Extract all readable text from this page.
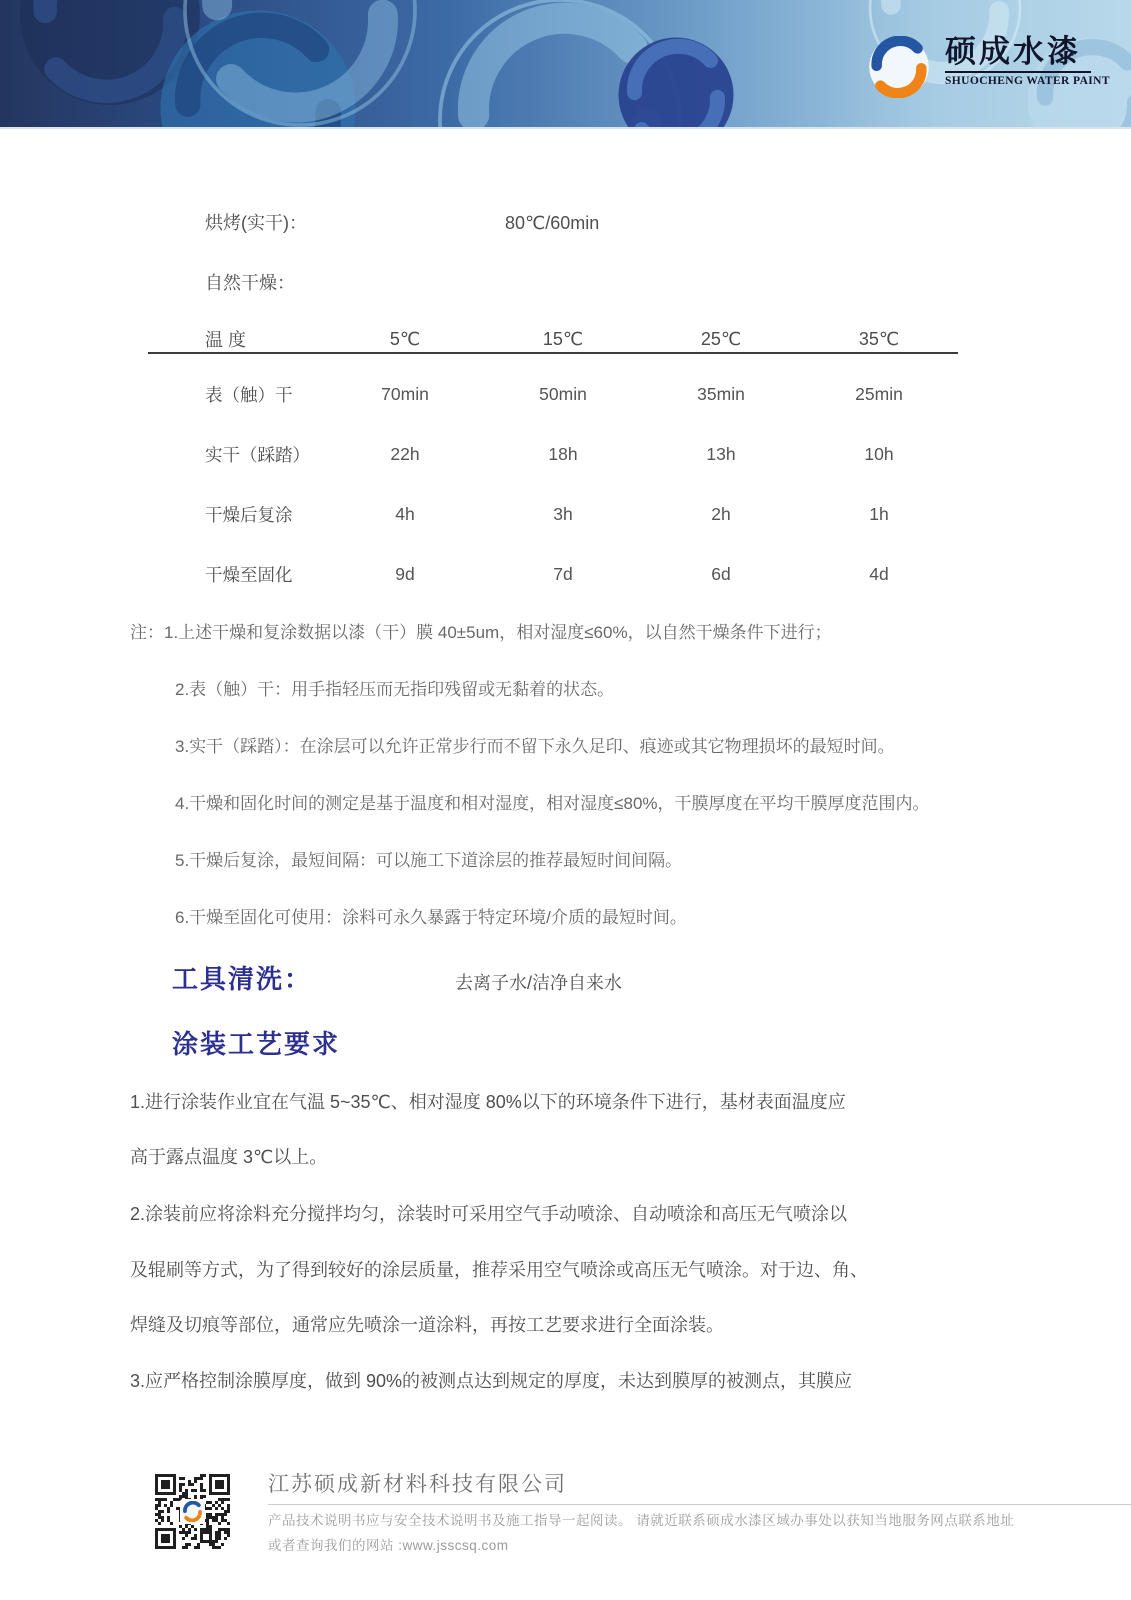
硕成水漆
SHUOCHENG WATER PAINT
烘烤(实干)：	80℃/60min
自然干燥：
温 度	5℃	15℃	25℃	35℃
表（触）干	70min	50min	35min	25min
实干（踩踏）	22h	18h	13h	10h
干燥后复涂	4h	3h	2h	1h
干燥至固化	9d	7d	6d	4d
注：1.上述干燥和复涂数据以漆（干）膜 40±5um，相对湿度≤60%，以自然干燥条件下进行；
2.表（触）干：用手指轻压而无指印残留或无黏着的状态。
3.实干（踩踏）：在涂层可以允许正常步行而不留下永久足印、痕迹或其它物理损坏的最短时间。
4.干燥和固化时间的测定是基于温度和相对湿度，相对湿度≤80%，干膜厚度在平均干膜厚度范围内。
5.干燥后复涂，最短间隔：可以施工下道涂层的推荐最短时间间隔。
6.干燥至固化可使用：涂料可永久暴露于特定环境/介质的最短时间。
工具清洗：	去离子水/洁净自来水
涂装工艺要求
1.进行涂装作业宜在气温 5~35℃、相对湿度 80%以下的环境条件下进行，基材表面温度应
高于露点温度 3℃以上。
2.涂装前应将涂料充分搅拌均匀，涂装时可采用空气手动喷涂、自动喷涂和高压无气喷涂以
及辊刷等方式，为了得到较好的涂层质量，推荐采用空气喷涂或高压无气喷涂。对于边、角、
焊缝及切痕等部位，通常应先喷涂一道涂料，再按工艺要求进行全面涂装。
3.应严格控制涂膜厚度，做到 90%的被测点达到规定的厚度，未达到膜厚的被测点，其膜应
江苏硕成新材料科技有限公司
产品技术说明书应与安全技术说明书及施工指导一起阅读。 请就近联系硕成水漆区域办事处以获知当地服务网点联系地址
或者查询我们的网站 :www.jsscsq.com
